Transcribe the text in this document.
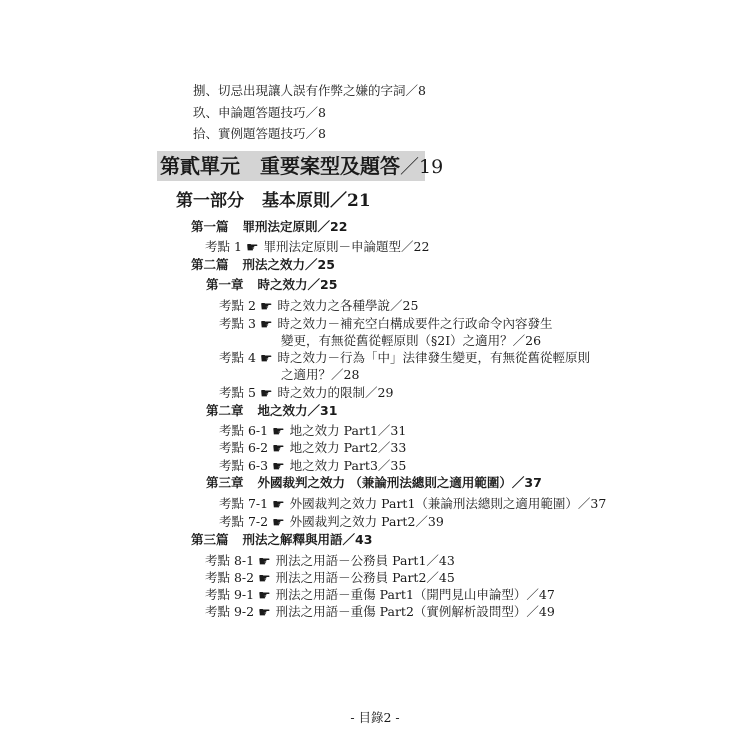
捌、切忌出現讓人誤有作弊之嫌的字詞／8
玖、申論題答題技巧／8
拾、實例題答題技巧／8
第貳單元 重要案型及題答／19
第一部分 基本原則／21
第一篇 罪刑法定原則／22
考點 1 ☛ 罪刑法定原則－申論題型／22
第二篇 刑法之效力／25
第一章 時之效力／25
考點 2 ☛ 時之效力之各種學說／25
考點 3 ☛ 時之效力－補充空白構成要件之行政命令內容發生
變更，有無從舊從輕原則（§2Ⅰ）之適用？／26
考點 4 ☛ 時之效力－行為「中」法律發生變更，有無從舊從輕原則
之適用？／28
考點 5 ☛ 時之效力的限制／29
第二章 地之效力／31
考點 6-1 ☛ 地之效力 Part1／31
考點 6-2 ☛ 地之效力 Part2／33
考點 6-3 ☛ 地之效力 Part3／35
第三章 外國裁判之效力 （兼論刑法總則之適用範圍）／37
考點 7-1 ☛ 外國裁判之效力 Part1（兼論刑法總則之適用範圍）／37
考點 7-2 ☛ 外國裁判之效力 Part2／39
第三篇 刑法之解釋與用語／43
考點 8-1 ☛ 刑法之用語－公務員 Part1／43
考點 8-2 ☛ 刑法之用語－公務員 Part2／45
考點 9-1 ☛ 刑法之用語－重傷 Part1（開門見山申論型）／47
考點 9-2 ☛ 刑法之用語－重傷 Part2（實例解析設問型）／49
- 目錄2 -
